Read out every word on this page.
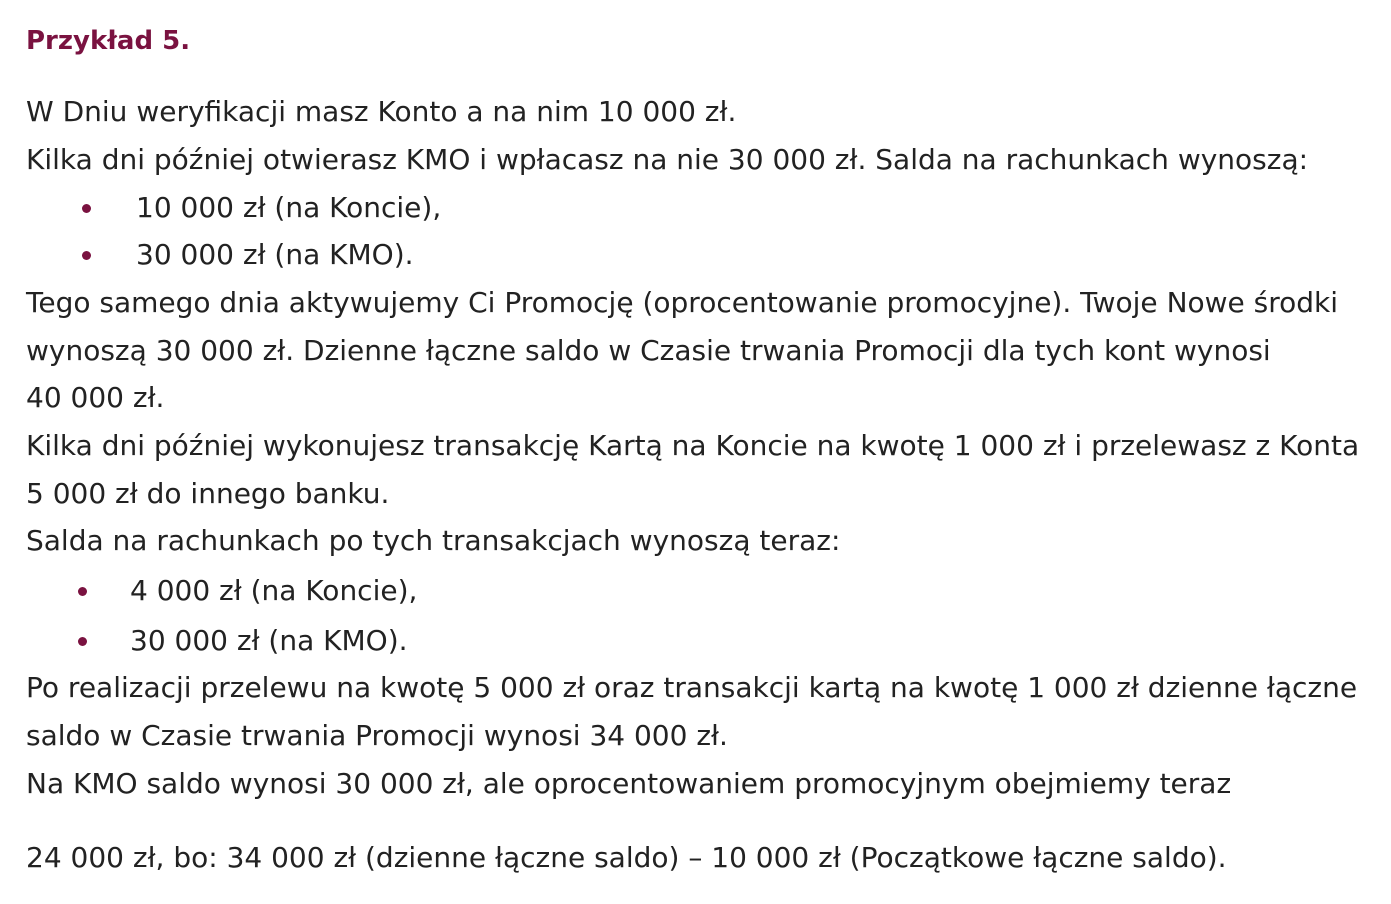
Przykład 5.
W Dniu weryfikacji masz Konto a na nim 10 000 zł.
Kilka dni później otwierasz KMO i wpłacasz na nie 30 000 zł. Salda na rachunkach wynoszą:
10 000 zł (na Koncie),
30 000 zł (na KMO).
Tego samego dnia aktywujemy Ci Promocję (oprocentowanie promocyjne). Twoje Nowe środki
wynoszą 30 000 zł. Dzienne łączne saldo w Czasie trwania Promocji dla tych kont wynosi
40 000 zł.
Kilka dni później wykonujesz transakcję Kartą na Koncie na kwotę 1 000 zł i przelewasz z Konta
5 000 zł do innego banku.
Salda na rachunkach po tych transakcjach wynoszą teraz:
4 000 zł (na Koncie),
30 000 zł (na KMO).
Po realizacji przelewu na kwotę 5 000 zł oraz transakcji kartą na kwotę 1 000 zł dzienne łączne
saldo w Czasie trwania Promocji wynosi 34 000 zł.
Na KMO saldo wynosi 30 000 zł, ale oprocentowaniem promocyjnym obejmiemy teraz
24 000 zł, bo: 34 000 zł (dzienne łączne saldo) – 10 000 zł (Początkowe łączne saldo).
